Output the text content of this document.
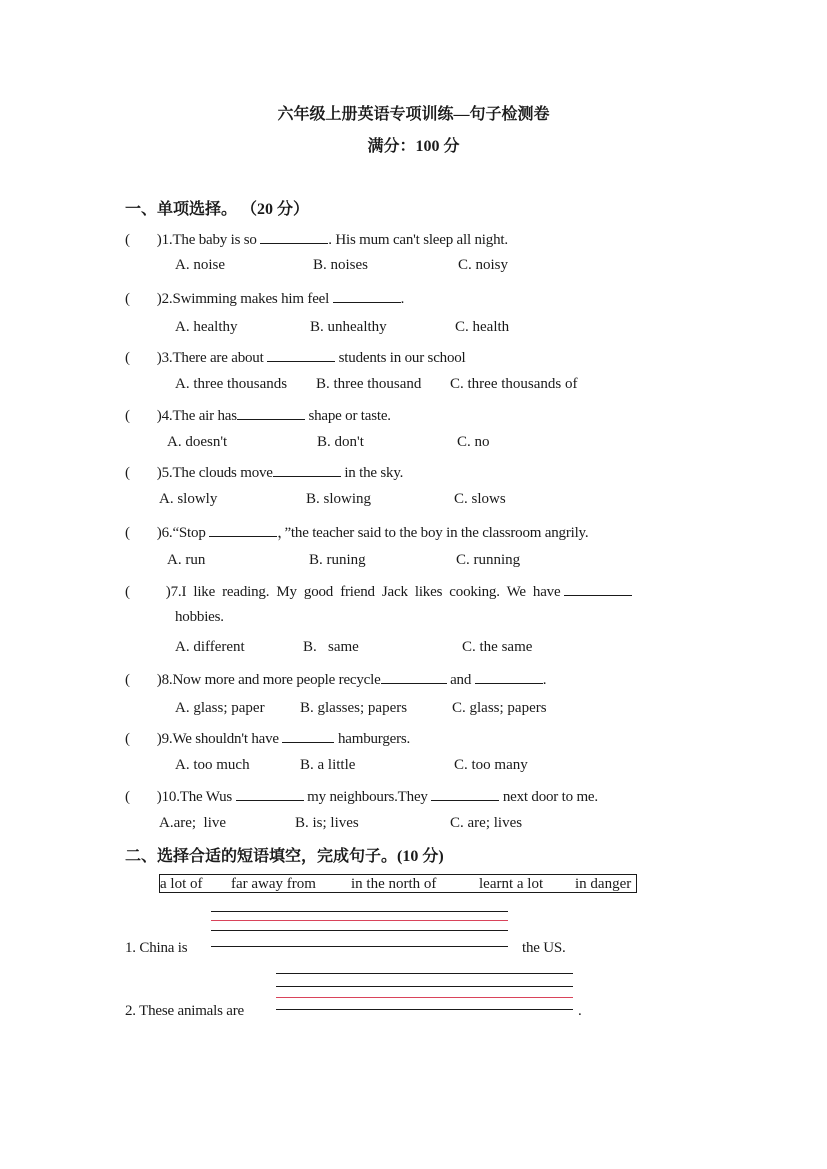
六年级上册英语专项训练—句子检测卷
满分：100 分
一、单项选择。 （20 分）
( )1.The baby is so	. His mum can't sleep all night.
A. noise	B. noises	C. noisy
( )2.Swimming makes him feel	.
A. healthy	B. unhealthy	C. health
( )3.There are about	students in our school
A. three thousands B. three thousand C. three thousands of
( )4.The air has	shape or taste.
A. doesn't	B. don't	C. no
( )5.The clouds move	in the sky.
A. slowly	B. slowing	C. slows
( )6.“Stop	，”the teacher said to the boy in the classroom angrily.
A. run	B. runing	C. running
( )7.I  like  reading.  My  good  friend  Jack  likes  cooking.  We  have
hobbies.
A. different	B.   same	C. the same
( )8.Now more and more people recycle	and	.
A. glass; paper B. glasses; papers	C. glass; papers
( )9.We shouldn't have	hamburgers.
A. too much	B. a little	C. too many
( )10.The Wus	my neighbours.They	next door to me.
A.are;  live	B. is; lives	C. are; lives
二、选择合适的短语填空，完成句子。(10 分)
a lot of far away from in the north of	learnt a lot in danger
1. China is	the US.
2. These animals are	.
